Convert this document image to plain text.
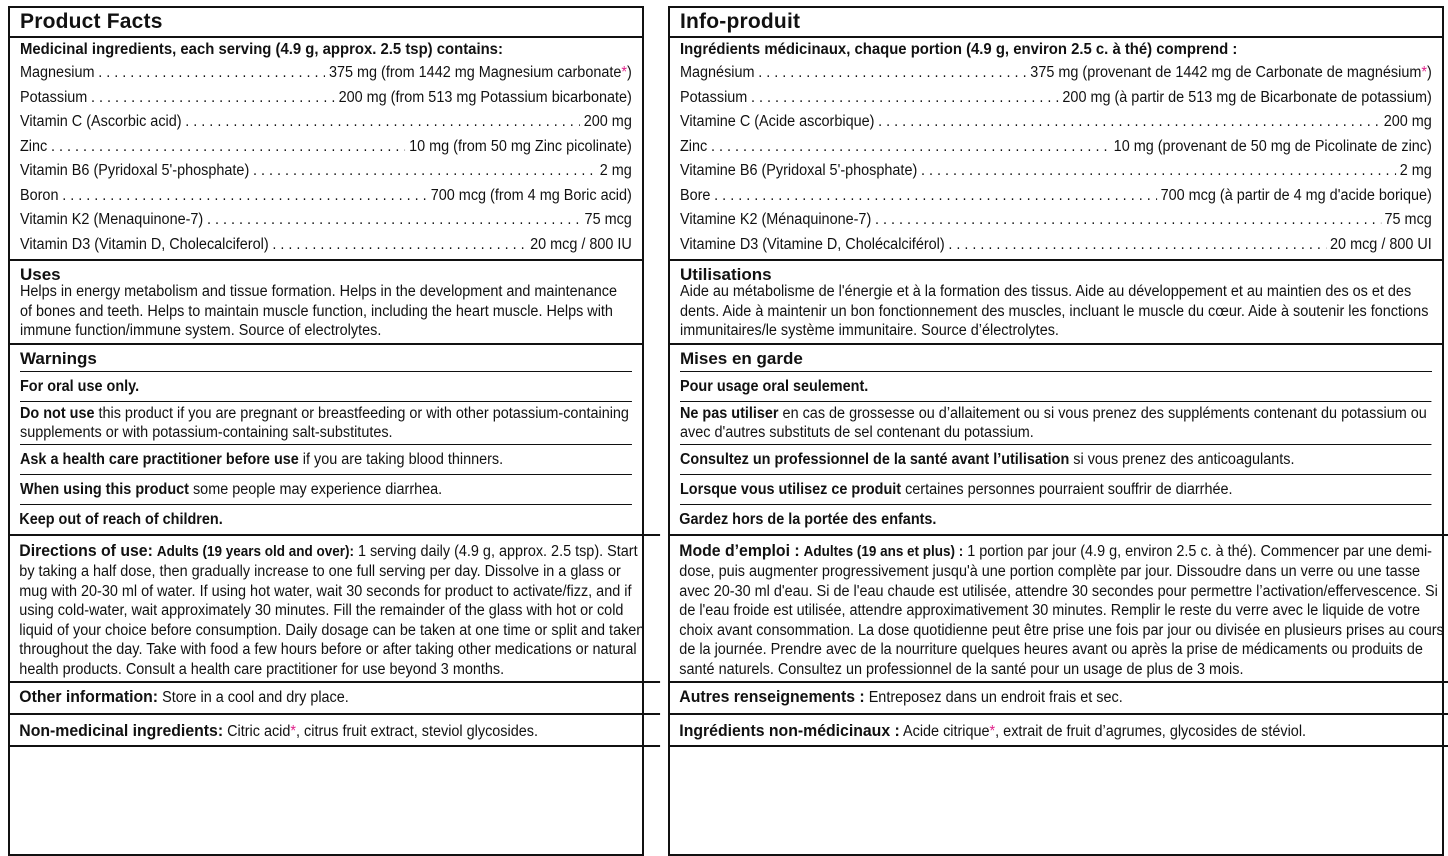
Product Facts
Medicinal ingredients, each serving (4.9 g, approx. 2.5 tsp) contains:
Magnesium . . .	375 mg (from 1442 mg Magnesium carbonate*)
Potassium . . .	200 mg (from 513 mg Potassium bicarbonate)
Vitamin C (Ascorbic acid) . . .	200 mg
Zinc . . .	10 mg (from 50 mg Zinc picolinate)
Vitamin B6 (Pyridoxal 5'-phosphate) . . .	2 mg
Boron . . .	700 mcg (from 4 mg Boric acid)
Vitamin K2 (Menaquinone-7) . . .	75 mcg
Vitamin D3 (Vitamin D, Cholecalciferol) . . .	20 mcg / 800 IU
Uses
Helps in energy metabolism and tissue formation. Helps in the development and maintenance of bones and teeth. Helps to maintain muscle function, including the heart muscle. Helps with immune function/immune system. Source of electrolytes.
Warnings
For oral use only.
Do not use this product if you are pregnant or breastfeeding or with other potassium-containing supplements or with potassium-containing salt-substitutes.
Ask a health care practitioner before use if you are taking blood thinners.
When using this product some people may experience diarrhea.
Keep out of reach of children.
Directions of use: Adults (19 years old and over): 1 serving daily (4.9 g, approx. 2.5 tsp). Start by taking a half dose, then gradually increase to one full serving per day. Dissolve in a glass or mug with 20-30 ml of water. If using hot water, wait 30 seconds for product to activate/fizz, and if using cold-water, wait approximately 30 minutes. Fill the remainder of the glass with hot or cold liquid of your choice before consumption. Daily dosage can be taken at one time or split and taken throughout the day. Take with food a few hours before or after taking other medications or natural health products. Consult a health care practitioner for use beyond 3 months.
Other information: Store in a cool and dry place.
Non-medicinal ingredients: Citric acid*, citrus fruit extract, steviol glycosides.
Info-produit
Ingrédients médicinaux, chaque portion (4.9 g, environ 2.5 c. à thé) comprend :
Magnésium . . .	375 mg (provenant de 1442 mg de Carbonate de magnésium*)
Potassium . . .	200 mg (à partir de 513 mg de Bicarbonate de potassium)
Vitamine C (Acide ascorbique) . . .	200 mg
Zinc . . .	10 mg (provenant de 50 mg de Picolinate de zinc)
Vitamine B6 (Pyridoxal 5'-phosphate) . . .	2 mg
Bore . . .	700 mcg (à partir de 4 mg d'acide borique)
Vitamine K2 (Ménaquinone-7) . . .	75 mcg
Vitamine D3 (Vitamine D, Cholécalciférol) . . .	20 mcg / 800 UI
Utilisations
Aide au métabolisme de l'énergie et à la formation des tissus. Aide au développement et au maintien des os et des dents. Aide à maintenir un bon fonctionnement des muscles, incluant le muscle du cœur. Aide à soutenir les fonctions immunitaires/le système immunitaire. Source d’électrolytes.
Mises en garde
Pour usage oral seulement.
Ne pas utiliser en cas de grossesse ou d’allaitement ou si vous prenez des suppléments contenant du potassium ou avec d'autres substituts de sel contenant du potassium.
Consultez un professionnel de la santé avant l’utilisation si vous prenez des anticoagulants.
Lorsque vous utilisez ce produit certaines personnes pourraient souffrir de diarrhée.
Gardez hors de la portée des enfants.
Mode d’emploi : Adultes (19 ans et plus) : 1 portion par jour (4.9 g, environ 2.5 c. à thé). Commencer par une demi-dose, puis augmenter progressivement jusqu'à une portion complète par jour. Dissoudre dans un verre ou une tasse avec 20-30 ml d'eau. Si de l'eau chaude est utilisée, attendre 30 secondes pour permettre l’activation/effervescence. Si de l'eau froide est utilisée, attendre approximativement 30 minutes. Remplir le reste du verre avec le liquide de votre choix avant consommation. La dose quotidienne peut être prise une fois par jour ou divisée en plusieurs prises au cours de la journée. Prendre avec de la nourriture quelques heures avant ou après la prise de médicaments ou produits de santé naturels. Consultez un professionnel de la santé pour un usage de plus de 3 mois.
Autres renseignements : Entreposez dans un endroit frais et sec.
Ingrédients non-médicinaux : Acide citrique*, extrait de fruit d’agrumes, glycosides de stéviol.
